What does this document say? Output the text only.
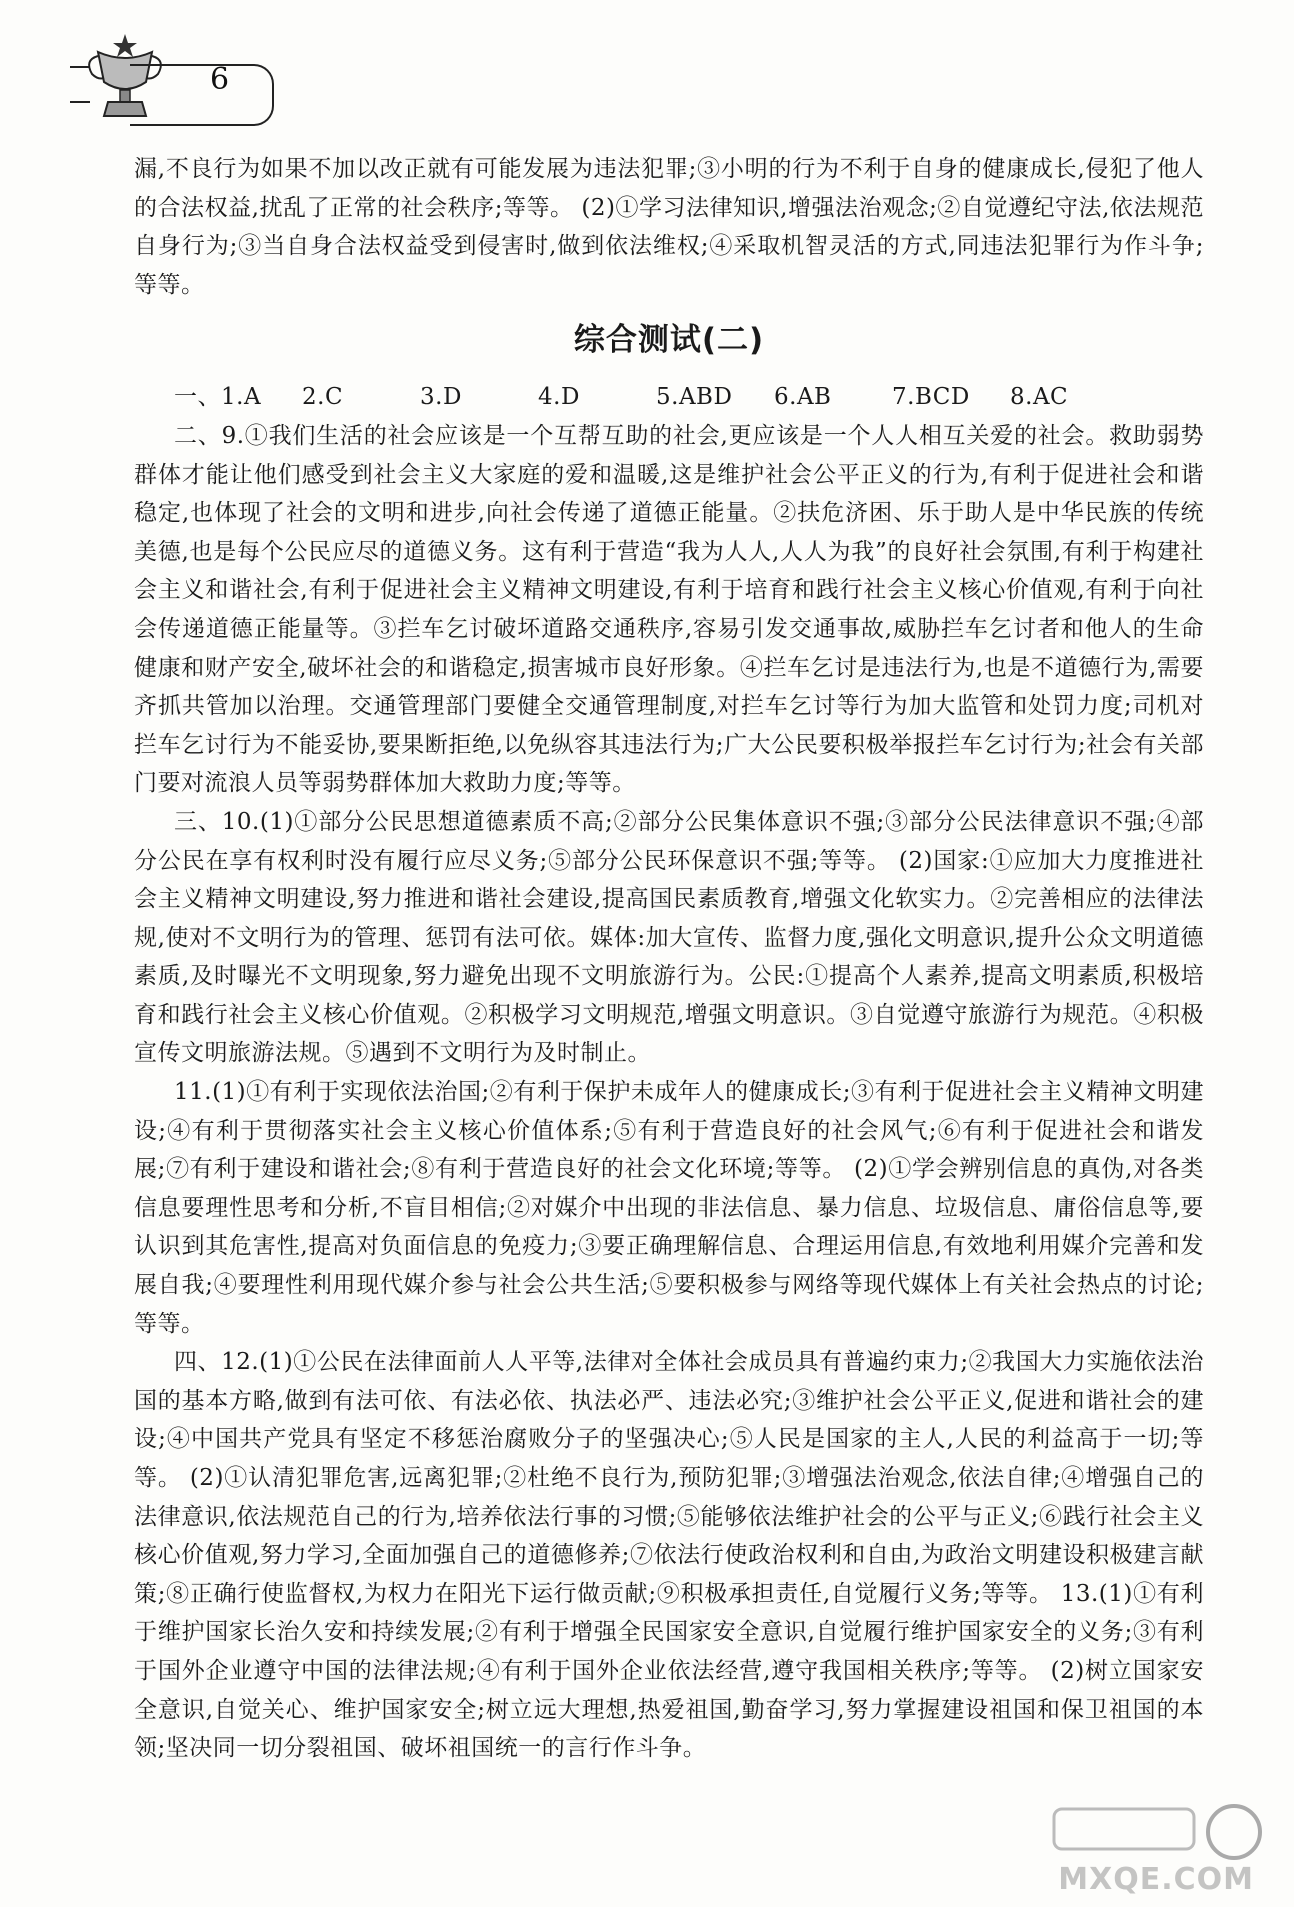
6

漏,不良行为如果不加以改正就有可能发展为违法犯罪;③小明的行为不利于自身的健康成长,侵犯了他人的合法权益,扰乱了正常的社会秩序;等等。 (2)①学习法律知识,增强法治观念;②自觉遵纪守法,依法规范自身行为;③当自身合法权益受到侵害时,做到依法维权;④采取机智灵活的方式,同违法犯罪行为作斗争;等等。

综合测试(二)
一、1.A	2.C	3.D	4.D	5.ABD	6.AB	7.BCD	8.AC

二、9.①我们生活的社会应该是一个互帮互助的社会,更应该是一个人人相互关爱的社会。救助弱势群体才能让他们感受到社会主义大家庭的爱和温暖,这是维护社会公平正义的行为,有利于促进社会和谐稳定,也体现了社会的文明和进步,向社会传递了道德正能量。②扶危济困、乐于助人是中华民族的传统美德,也是每个公民应尽的道德义务。这有利于营造“我为人人,人人为我”的良好社会氛围,有利于构建社会主义和谐社会,有利于促进社会主义精神文明建设,有利于培育和践行社会主义核心价值观,有利于向社会传递道德正能量等。③拦车乞讨破坏道路交通秩序,容易引发交通事故,威胁拦车乞讨者和他人的生命健康和财产安全,破坏社会的和谐稳定,损害城市良好形象。④拦车乞讨是违法行为,也是不道德行为,需要齐抓共管加以治理。交通管理部门要健全交通管理制度,对拦车乞讨等行为加大监管和处罚力度;司机对拦车乞讨行为不能妥协,要果断拒绝,以免纵容其违法行为;广大公民要积极举报拦车乞讨行为;社会有关部门要对流浪人员等弱势群体加大救助力度;等等。

三、10.(1)①部分公民思想道德素质不高;②部分公民集体意识不强;③部分公民法律意识不强;④部分公民在享有权利时没有履行应尽义务;⑤部分公民环保意识不强;等等。 (2)国家:①应加大力度推进社会主义精神文明建设,努力推进和谐社会建设,提高国民素质教育,增强文化软实力。②完善相应的法律法规,使对不文明行为的管理、惩罚有法可依。媒体:加大宣传、监督力度,强化文明意识,提升公众文明道德素质,及时曝光不文明现象,努力避免出现不文明旅游行为。公民:①提高个人素养,提高文明素质,积极培育和践行社会主义核心价值观。②积极学习文明规范,增强文明意识。③自觉遵守旅游行为规范。④积极宣传文明旅游法规。⑤遇到不文明行为及时制止。

11.(1)①有利于实现依法治国;②有利于保护未成年人的健康成长;③有利于促进社会主义精神文明建设;④有利于贯彻落实社会主义核心价值体系;⑤有利于营造良好的社会风气;⑥有利于促进社会和谐发展;⑦有利于建设和谐社会;⑧有利于营造良好的社会文化环境;等等。 (2)①学会辨别信息的真伪,对各类信息要理性思考和分析,不盲目相信;②对媒介中出现的非法信息、暴力信息、垃圾信息、庸俗信息等,要认识到其危害性,提高对负面信息的免疫力;③要正确理解信息、合理运用信息,有效地利用媒介完善和发展自我;④要理性利用现代媒介参与社会公共生活;⑤要积极参与网络等现代媒体上有关社会热点的讨论;等等。

四、12.(1)①公民在法律面前人人平等,法律对全体社会成员具有普遍约束力;②我国大力实施依法治国的基本方略,做到有法可依、有法必依、执法必严、违法必究;③维护社会公平正义,促进和谐社会的建设;④中国共产党具有坚定不移惩治腐败分子的坚强决心;⑤人民是国家的主人,人民的利益高于一切;等等。 (2)①认清犯罪危害,远离犯罪;②杜绝不良行为,预防犯罪;③增强法治观念,依法自律;④增强自己的法律意识,依法规范自己的行为,培养依法行事的习惯;⑤能够依法维护社会的公平与正义;⑥践行社会主义核心价值观,努力学习,全面加强自己的道德修养;⑦依法行使政治权利和自由,为政治文明建设积极建言献策;⑧正确行使监督权,为权力在阳光下运行做贡献;⑨积极承担责任,自觉履行义务;等等。 13.(1)①有利于维护国家长治久安和持续发展;②有利于增强全民国家安全意识,自觉履行维护国家安全的义务;③有利于国外企业遵守中国的法律法规;④有利于国外企业依法经营,遵守我国相关秩序;等等。 (2)树立国家安全意识,自觉关心、维护国家安全;树立远大理想,热爱祖国,勤奋学习,努力掌握建设祖国和保卫祖国的本领;坚决同一切分裂祖国、破坏祖国统一的言行作斗争。

MXQE.COM
